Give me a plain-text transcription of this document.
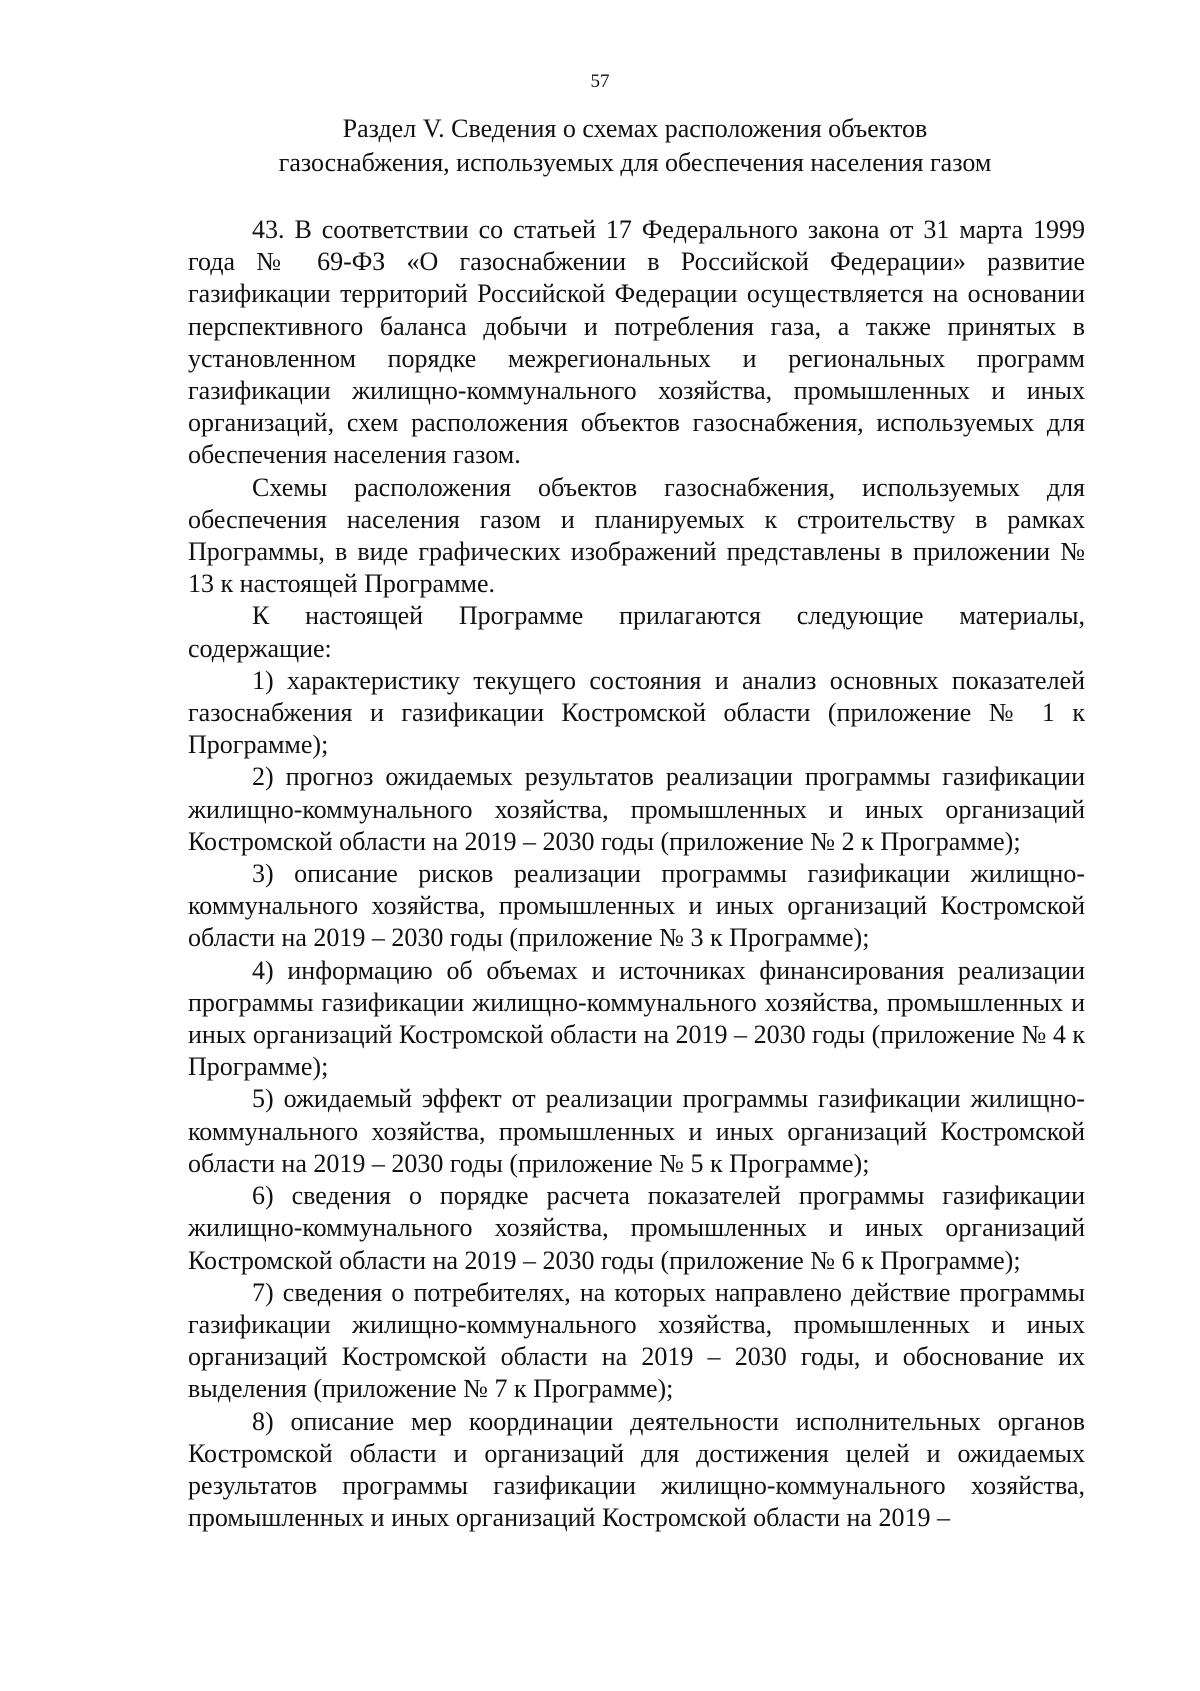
57
Раздел V. Сведения о схемах расположения объектов
газоснабжения, используемых для обеспечения населения газом

43. В соответствии со статьей 17 Федерального закона от 31 марта 1999 года № 69-ФЗ «О газоснабжении в Российской Федерации» развитие газификации территорий Российской Федерации осуществляется на основании перспективного баланса добычи и потребления газа, а также принятых в установленном порядке межрегиональных и региональных программ газификации жилищно-коммунального хозяйства, промышленных и иных организаций, схем расположения объектов газоснабжения, используемых для обеспечения населения газом.

Схемы расположения объектов газоснабжения, используемых для обеспечения населения газом и планируемых к строительству в рамках Программы, в виде графических изображений представлены в приложении № 13 к настоящей Программе.

К настоящей Программе прилагаются следующие материалы, содержащие:

1) характеристику текущего состояния и анализ основных показателей газоснабжения и газификации Костромской области (приложение № 1 к Программе);

2) прогноз ожидаемых результатов реализации программы газификации жилищно-коммунального хозяйства, промышленных и иных организаций Костромской области на 2019 – 2030 годы (приложение № 2 к Программе);

3) описание рисков реализации программы газификации жилищно-коммунального хозяйства, промышленных и иных организаций Костромской области на 2019 – 2030 годы (приложение № 3 к Программе);

4) информацию об объемах и источниках финансирования реализации программы газификации жилищно-коммунального хозяйства, промышленных и иных организаций Костромской области на 2019 – 2030 годы (приложение № 4 к Программе);

5) ожидаемый эффект от реализации программы газификации жилищно-коммунального хозяйства, промышленных и иных организаций Костромской области на 2019 – 2030 годы (приложение № 5 к Программе);

6) сведения о порядке расчета показателей программы газификации жилищно-коммунального хозяйства, промышленных и иных организаций Костромской области на 2019 – 2030 годы (приложение № 6 к Программе);

7) сведения о потребителях, на которых направлено действие программы газификации жилищно-коммунального хозяйства, промышленных и иных организаций Костромской области на 2019 – 2030 годы, и обоснование их выделения (приложение № 7 к Программе);

8) описание мер координации деятельности исполнительных органов Костромской области и организаций для достижения целей и ожидаемых результатов программы газификации жилищно-коммунального хозяйства, промышленных и иных организаций Костромской области на 2019 –
